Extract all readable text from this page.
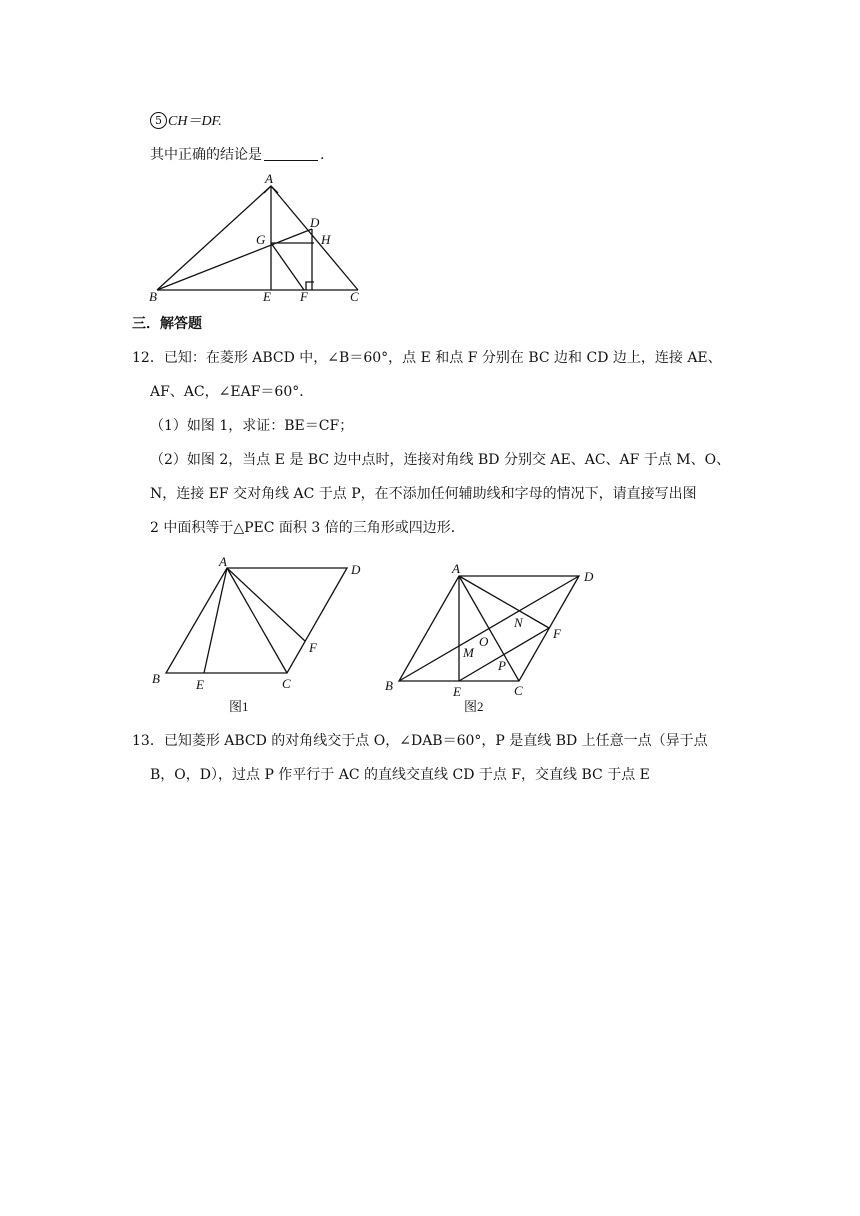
5 CH＝DF.
其中正确的结论是	.
A
B	C
D
E F
G	H
三．解答题
12．已知：在菱形 ABCD 中，∠B＝60°，点 E 和点 F 分别在 BC 边和 CD 边上，连接 AE、
AF、AC，∠EAF＝60°．
（1）如图 1，求证：BE＝CF；
（2）如图 2，当点 E 是 BC 边中点时，连接对角线 BD 分别交 AE、AC、AF 于点 M、O、
N，连接 EF 交对角线 AC 于点 P，在不添加任何辅助线和字母的情况下，请直接写出图
2 中面积等于△PEC 面积 3 倍的三角形或四边形．
A
D
B	E	C
F
图1
A
D
B	E	C
F
M
O
N
P
图2
13．已知菱形 ABCD 的对角线交于点 O，∠DAB＝60°，P 是直线 BD 上任意一点（异于点
B，O，D），过点 P 作平行于 AC 的直线交直线 CD 于点 F，交直线 BC 于点 E
